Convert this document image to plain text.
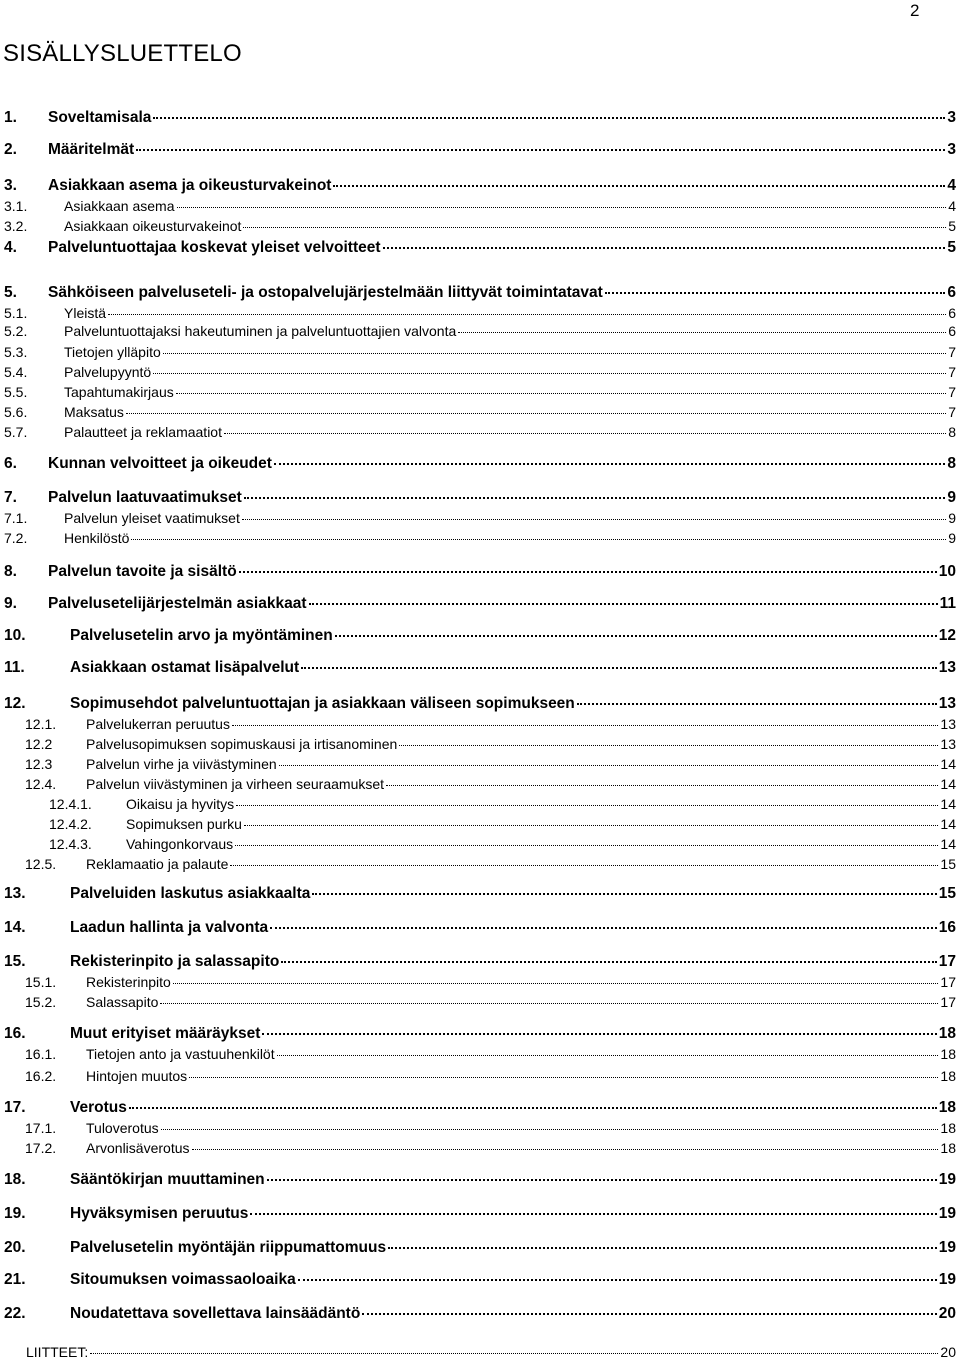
2
SISÄLLYSLUETTELO
1.	Soveltamisala	3
2.	Määritelmät	3
3.	Asiakkaan asema ja oikeusturvakeinot	4
3.1.	Asiakkaan asema	4
3.2.	Asiakkaan oikeusturvakeinot	5
4.	Palveluntuottajaa koskevat yleiset velvoitteet	5
5.	Sähköiseen palveluseteli- ja ostopalvelujärjestelmään liittyvät toimintatavat	6
5.1.	Yleistä	6
5.2.	Palveluntuottajaksi hakeutuminen ja palveluntuottajien valvonta	6
5.3.	Tietojen ylläpito	7
5.4.	Palvelupyyntö	7
5.5.	Tapahtumakirjaus	7
5.6.	Maksatus	7
5.7.	Palautteet ja reklamaatiot	8
6.	Kunnan velvoitteet ja oikeudet	8
7.	Palvelun laatuvaatimukset	9
7.1.	Palvelun yleiset vaatimukset	9
7.2.	Henkilöstö	9
8.	Palvelun tavoite ja sisältö	10
9.	Palvelusetelijärjestelmän asiakkaat	11
10.	Palvelusetelin arvo ja myöntäminen	12
11.	Asiakkaan ostamat lisäpalvelut	13
12.	Sopimusehdot palveluntuottajan ja asiakkaan väliseen sopimukseen	13
12.1.	Palvelukerran peruutus	13
12.2	Palvelusopimuksen sopimuskausi ja irtisanominen	13
12.3	Palvelun virhe ja viivästyminen	14
12.4.	Palvelun viivästyminen ja virheen seuraamukset	14
12.4.1.	Oikaisu ja hyvitys	14
12.4.2.	Sopimuksen purku	14
12.4.3.	Vahingonkorvaus	14
12.5.	Reklamaatio ja palaute	15
13.	Palveluiden laskutus asiakkaalta	15
14.	Laadun hallinta ja valvonta	16
15.	Rekisterinpito ja salassapito	17
15.1.	Rekisterinpito	17
15.2.	Salassapito	17
16.	Muut erityiset määräykset	18
16.1.	Tietojen anto ja vastuuhenkilöt	18
16.2.	Hintojen muutos	18
17.	Verotus	18
17.1.	Tuloverotus	18
17.2.	Arvonlisäverotus	18
18.	Sääntökirjan muuttaminen	19
19.	Hyväksymisen peruutus	19
20.	Palvelusetelin myöntäjän riippumattomuus	19
21.	Sitoumuksen voimassaoloaika	19
22.	Noudatettava sovellettava lainsäädäntö	20
LIITTEET:	20
